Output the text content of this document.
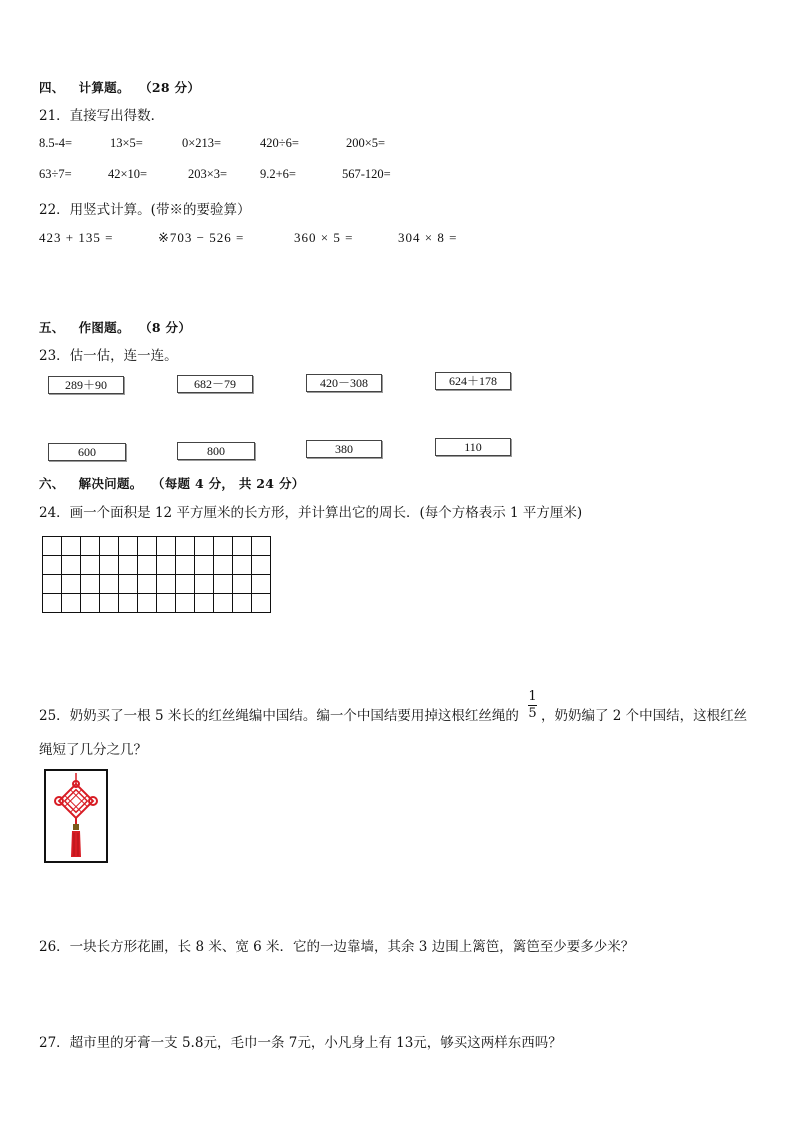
四、 计算题。 （28 分）
21．直接写出得数．
8.5-4=	13×5=	0×213=	420÷6=	200×5=
63÷7=	42×10=	203×3=	9.2+6=	567-120=
22．用竖式计算。(带※的要验算）
423 + 135 =	※703 − 526 =	360 × 5 =	304 × 8 =
五、 作图题。 （8 分）
23．估一估，连一连。
289＋90	682－79	420－308	624＋178
600	800	380	110
六、 解决问题。 （每题 4 分， 共 24 分）
24．画一个面积是 12 平方厘米的长方形，并计算出它的周长．(每个方格表示 1 平方厘米)

25．奶奶买了一根 5 米长的红丝绳编中国结。编一个中国结要用掉这根红丝绳的
1
5 ，奶奶编了 2 个中国结，这根红丝
绳短了几分之几？
26．一块长方形花圃，长 8 米、宽 6 米．它的一边靠墙，其余 3 边围上篱笆，篱笆至少要多少米？
27．超市里的牙膏一支 5.8元，毛巾一条 7元，小凡身上有 13元，够买这两样东西吗？
